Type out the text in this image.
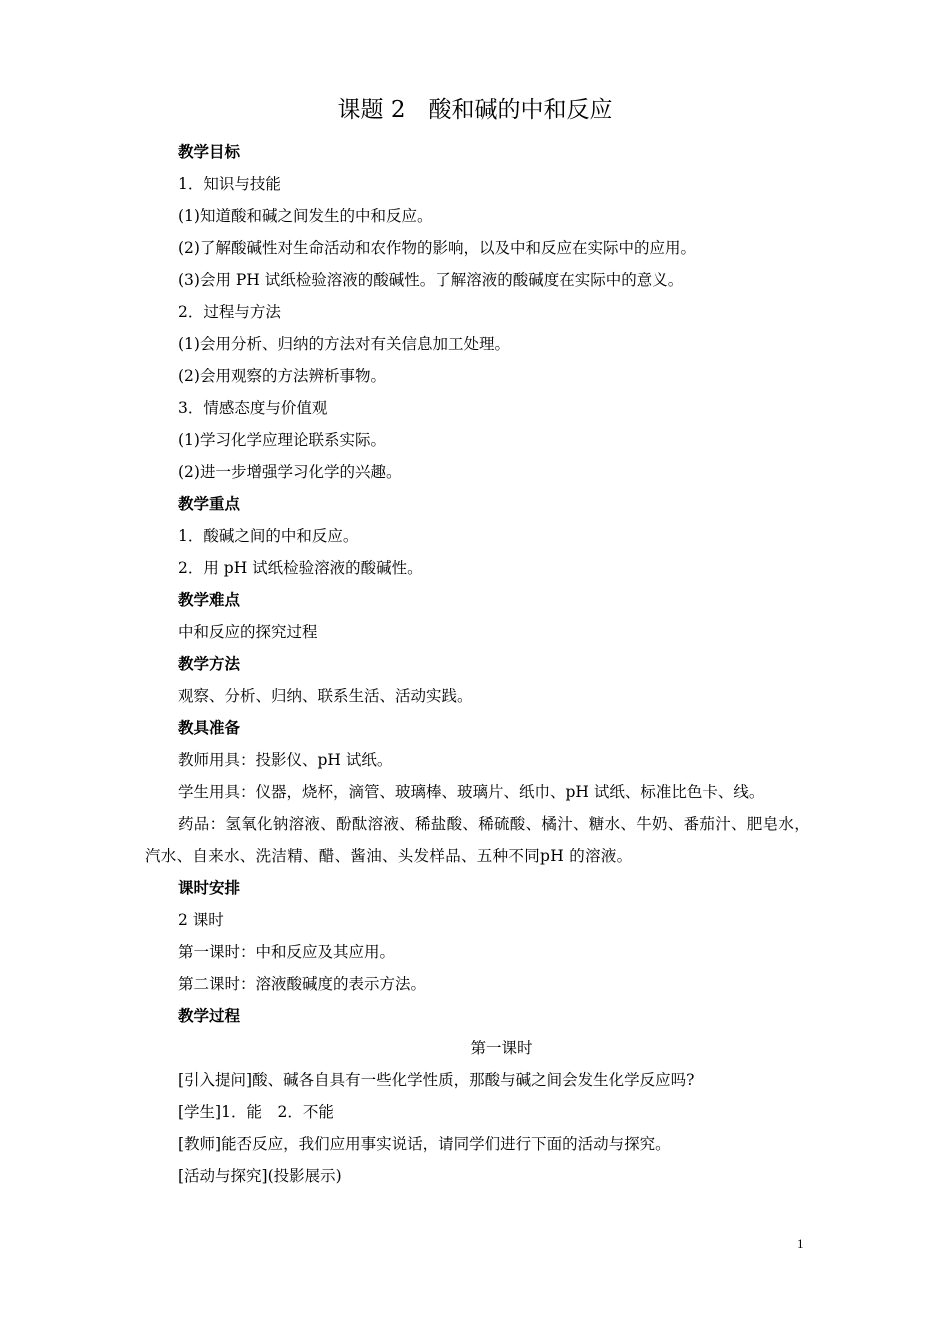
课题 2　酸和碱的中和反应
教学目标
1．知识与技能
(1)知道酸和碱之间发生的中和反应。
(2)了解酸碱性对生命活动和农作物的影响，以及中和反应在实际中的应用。
(3)会用 PH 试纸检验溶液的酸碱性。了解溶液的酸碱度在实际中的意义。
2．过程与方法
(1)会用分析、归纳的方法对有关信息加工处理。
(2)会用观察的方法辨析事物。
3．情感态度与价值观
(1)学习化学应理论联系实际。
(2)进一步增强学习化学的兴趣。
教学重点
1．酸碱之间的中和反应。
2．用 pH 试纸检验溶液的酸碱性。
教学难点
中和反应的探究过程
教学方法
观察、分析、归纳、联系生活、活动实践。
教具准备
教师用具：投影仪、pH 试纸。
学生用具：仪器，烧杯，滴管、玻璃棒、玻璃片、纸巾、pH 试纸、标准比色卡、线。
药品：氢氧化钠溶液、酚酞溶液、稀盐酸、稀硫酸、橘汁、糖水、牛奶、番茄汁、肥皂水，汽水、自来水、洗洁精、醋、酱油、头发样品、五种不同pH 的溶液。
课时安排
2 课时
第一课时：中和反应及其应用。
第二课时：溶液酸碱度的表示方法。
教学过程
第一课时
[引入提问]酸、碱各自具有一些化学性质，那酸与碱之间会发生化学反应吗?
[学生]1．能 2．不能
[教师]能否反应，我们应用事实说话，请同学们进行下面的活动与探究。
[活动与探究](投影展示)
1
